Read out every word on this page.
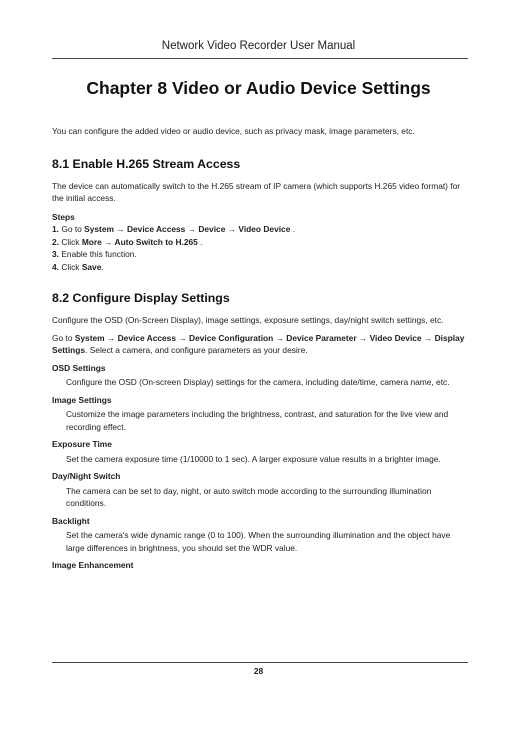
Network Video Recorder User Manual
Chapter 8 Video or Audio Device Settings

You can configure the added video or audio device, such as privacy mask, image parameters, etc.

8.1 Enable H.265 Stream Access

The device can automatically switch to the H.265 stream of IP camera (which supports H.265 video format) for the initial access.

Steps

1. Go to System → Device Access → Device → Video Device .

2. Click More → Auto Switch to H.265 .

3. Enable this function.

4. Click Save.

8.2 Configure Display Settings

Configure the OSD (On-Screen Display), image settings, exposure settings, day/night switch settings, etc.

Go to System → Device Access → Device Configuration → Device Parameter → Video Device → Display Settings. Select a camera, and configure parameters as your desire.

OSD Settings

Configure the OSD (On-screen Display) settings for the camera, including date/time, camera name, etc.

Image Settings

Customize the image parameters including the brightness, contrast, and saturation for the live view and recording effect.

Exposure Time

Set the camera exposure time (1/10000 to 1 sec). A larger exposure value results in a brighter image.

Day/Night Switch

The camera can be set to day, night, or auto switch mode according to the surrounding illumination conditions.

Backlight

Set the camera's wide dynamic range (0 to 100). When the surrounding illumination and the object have large differences in brightness, you should set the WDR value.

Image Enhancement
28
